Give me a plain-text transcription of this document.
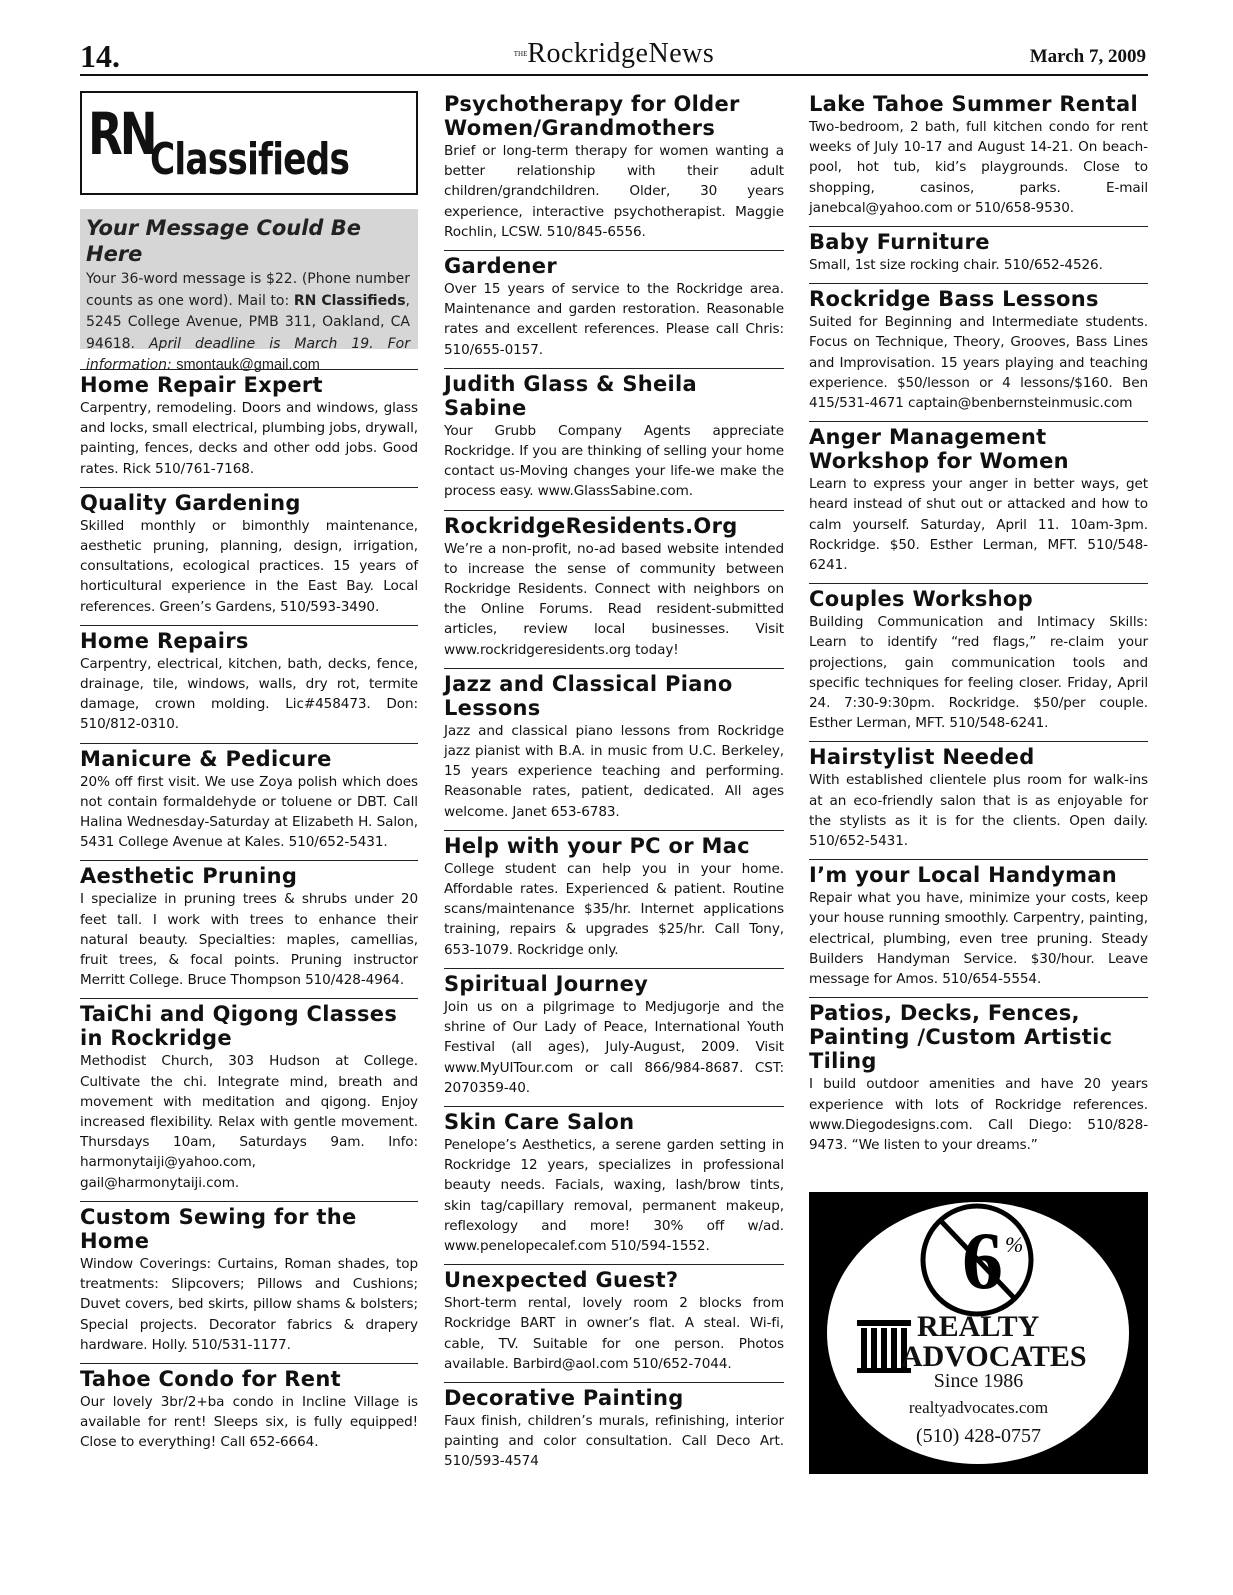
14.	$^{THE}$RockridgeNews	March 7, 2009
RN
Classifieds
Your Message Could Be Here

Your 36-word message is $22. (Phone number counts as one word). Mail to: RN Classifieds, 5245 College Avenue, PMB 311, Oakland, CA 94618. April deadline is March 19. For information: smontauk@gmail.com

Home Repair Expert

Carpentry, remodeling. Doors and windows, glass and locks, small electrical, plumbing jobs, drywall, painting, fences, decks and other odd jobs. Good rates. Rick 510/761-7168.

Quality Gardening

Skilled monthly or bimonthly maintenance, aesthetic pruning, planning, design, irrigation, consultations, ecological practices. 15 years of horticultural experience in the East Bay. Local references. Green’s Gardens, 510/593-3490.

Home Repairs

Carpentry, electrical, kitchen, bath, decks, fence, drainage, tile, windows, walls, dry rot, termite damage, crown molding. Lic#458473. Don: 510/812-0310.

Manicure & Pedicure

20% off first visit. We use Zoya polish which does not contain formaldehyde or toluene or DBT. Call Halina Wednesday-Saturday at Elizabeth H. Salon, 5431 College Avenue at Kales. 510/652-5431.

Aesthetic Pruning

I specialize in pruning trees & shrubs under 20 feet tall. I work with trees to enhance their natural beauty. Specialties: maples, camellias, fruit trees, & focal points. Pruning instructor Merritt College. Bruce Thompson 510/428-4964.

TaiChi and Qigong Classes in Rockridge

Methodist Church, 303 Hudson at College. Cultivate the chi. Integrate mind, breath and movement with meditation and qigong. Enjoy increased flexibility. Relax with gentle movement. Thursdays 10am, Saturdays 9am. Info: harmonytaiji@yahoo.com, gail@harmonytaiji.com.

Custom Sewing for the Home

Window Coverings: Curtains, Roman shades, top treatments: Slipcovers; Pillows and Cushions; Duvet covers, bed skirts, pillow shams & bolsters; Special projects. Decorator fabrics & drapery hardware. Holly. 510/531-1177.

Tahoe Condo for Rent

Our lovely 3br/2+ba condo in Incline Village is available for rent! Sleeps six, is fully equipped! Close to everything! Call 652-6664.

Psychotherapy for Older Women/Grandmothers

Brief or long-term therapy for women wanting a better relationship with their adult children/grandchildren. Older, 30 years experience, interactive psychotherapist. Maggie Rochlin, LCSW. 510/845-6556.

Gardener

Over 15 years of service to the Rockridge area. Maintenance and garden restoration. Reasonable rates and excellent references. Please call Chris: 510/655-0157.

Judith Glass & Sheila Sabine

Your Grubb Company Agents appreciate Rockridge. If you are thinking of selling your home contact us-Moving changes your life-we make the process easy. www.GlassSabine.com.

RockridgeResidents.Org

We’re a non-profit, no-ad based website intended to increase the sense of community between Rockridge Residents. Connect with neighbors on the Online Forums. Read resident-submitted articles, review local businesses. Visit www.rockridgeresidents.org today!

Jazz and Classical Piano Lessons

Jazz and classical piano lessons from Rockridge jazz pianist with B.A. in music from U.C. Berkeley, 15 years experience teaching and performing. Reasonable rates, patient, dedicated. All ages welcome. Janet 653-6783.

Help with your PC or Mac

College student can help you in your home. Affordable rates. Experienced & patient. Routine scans/maintenance $35/hr. Internet applications training, repairs & upgrades $25/hr. Call Tony, 653-1079. Rockridge only.

Spiritual Journey

Join us on a pilgrimage to Medjugorje and the shrine of Our Lady of Peace, International Youth Festival (all ages), July-August, 2009. Visit www.MyUITour.com or call 866/984-8687. CST: 2070359-40.

Skin Care Salon

Penelope’s Aesthetics, a serene garden setting in Rockridge 12 years, specializes in professional beauty needs. Facials, waxing, lash/brow tints, skin tag/capillary removal, permanent makeup, reflexology and more! 30% off w/ad. www.penelopecalef.com 510/594-1552.

Unexpected Guest?

Short-term rental, lovely room 2 blocks from Rockridge BART in owner’s flat. A steal. Wi-fi, cable, TV. Suitable for one person. Photos available. Barbird@aol.com 510/652-7044.

Decorative Painting

Faux finish, children’s murals, refinishing, interior painting and color consultation. Call Deco Art. 510/593-4574

Lake Tahoe Summer Rental

Two-bedroom, 2 bath, full kitchen condo for rent weeks of July 10-17 and August 14-21. On beach- pool, hot tub, kid’s playgrounds. Close to shopping, casinos, parks. E-mail janebcal@yahoo.com or 510/658-9530.

Baby Furniture

Small, 1st size rocking chair. 510/652-4526.

Rockridge Bass Lessons

Suited for Beginning and Intermediate students. Focus on Technique, Theory, Grooves, Bass Lines and Improvisation. 15 years playing and teaching experience. $50/lesson or 4 lessons/$160. Ben 415/531-4671 captain@benbernsteinmusic.com

Anger Management Workshop for Women

Learn to express your anger in better ways, get heard instead of shut out or attacked and how to calm yourself. Saturday, April 11. 10am-3pm. Rockridge. $50. Esther Lerman, MFT. 510/548-6241.

Couples Workshop

Building Communication and Intimacy Skills: Learn to identify “red flags,” re-claim your projections, gain communication tools and specific techniques for feeling closer. Friday, April 24. 7:30-9:30pm. Rockridge. $50/per couple. Esther Lerman, MFT. 510/548-6241.

Hairstylist Needed

With established clientele plus room for walk-ins at an eco-friendly salon that is as enjoyable for the stylists as it is for the clients. Open daily. 510/652-5431.

I’m your Local Handyman

Repair what you have, minimize your costs, keep your house running smoothly. Carpentry, painting, electrical, plumbing, even tree pruning. Steady Builders Handyman Service. $30/hour. Leave message for Amos. 510/654-5554.

Patios, Decks, Fences, Painting /Custom Artistic Tiling

I build outdoor amenities and have 20 years experience with lots of Rockridge references. www.Diegodesigns.com. Call Diego: 510/828-9473. “We listen to your dreams.”

6 %
REALTY
ADVOCATES
Since 1986
realtyadvocates.com
(510) 428-0757
